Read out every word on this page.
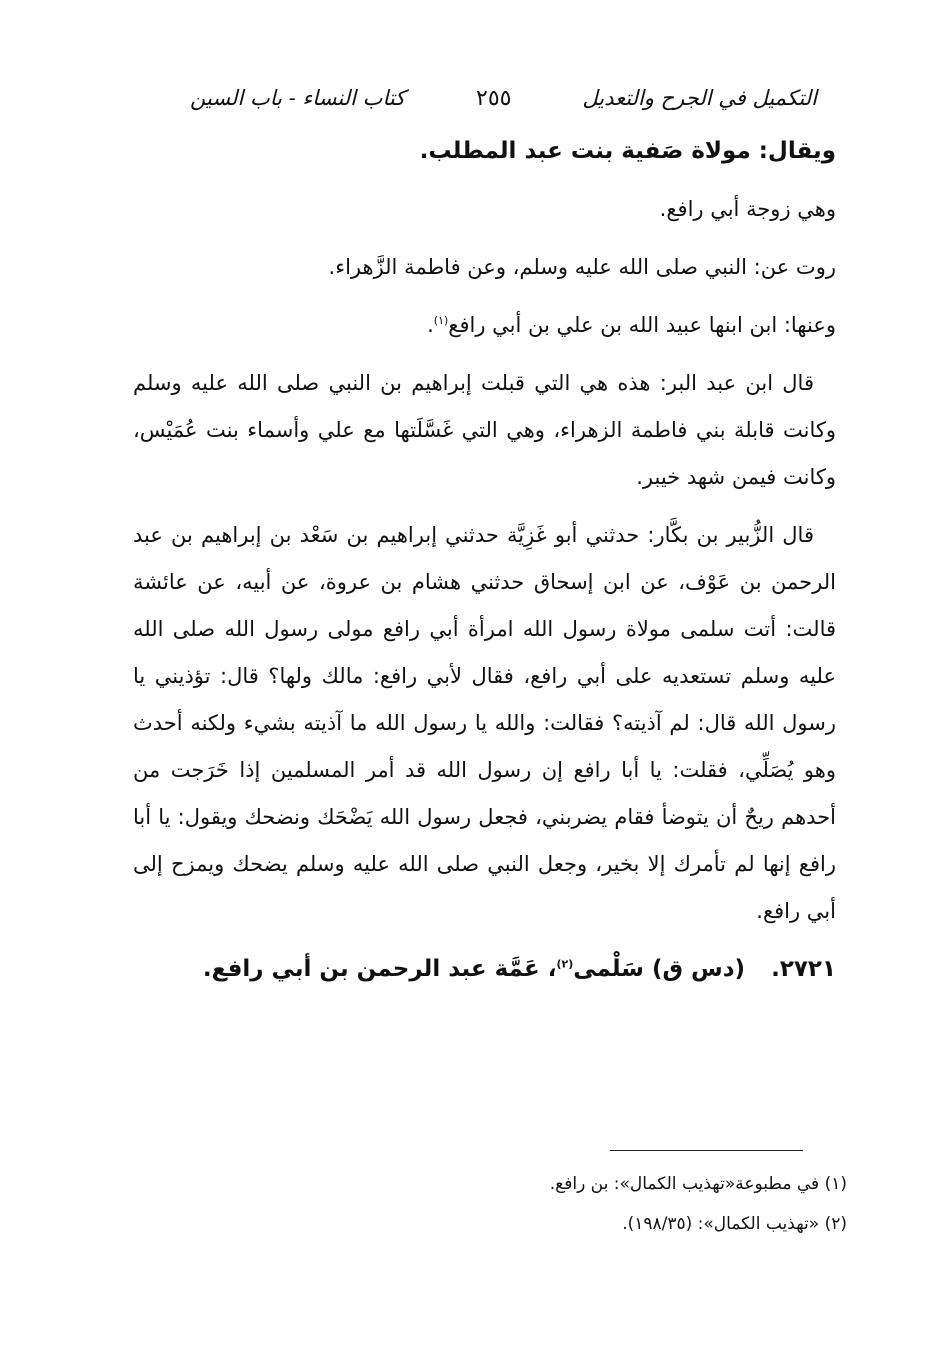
التكميل في الجرح والتعديل
٢٥٥
كتاب النساء - باب السين

ويقال: مولاة صَفية بنت عبد المطلب.

وهي زوجة أبي رافع.

روت عن: النبي صلى الله عليه وسلم، وعن فاطمة الزَّهراء.

وعنها: ابن ابنها عبيد الله بن علي بن أبي رافع$^{(١)}$.

قال ابن عبد البر: هذه هي التي قبلت إبراهيم بن النبي صلى الله عليه وسلم وكانت قابلة بني فاطمة الزهراء، وهي التي غَسَّلَتها مع علي وأسماء بنت عُمَيْس، وكانت فيمن شهد خيبر.

قال الزُّبير بن بكَّار: حدثني أبو غَزِيَّة حدثني إبراهيم بن سَعْد بن إبراهيم بن عبد الرحمن بن عَوْف، عن ابن إسحاق حدثني هشام بن عروة، عن أبيه، عن عائشة قالت: أتت سلمى مولاة رسول الله امرأة أبي رافع مولى رسول الله صلى الله عليه وسلم تستعديه على أبي رافع، فقال لأبي رافع: مالك ولها؟ قال: تؤذيني يا رسول الله قال: لم آذيته؟ فقالت: والله يا رسول الله ما آذيته بشيء ولكنه أحدث وهو يُصَلِّي، فقلت: يا أبا رافع إن رسول الله قد أمر المسلمين إذا خَرَجت من أحدهم ريحٌ أن يتوضأ فقام يضربني، فجعل رسول الله يَضْحَك ونضحك ويقول: يا أبا رافع إنها لم تأمرك إلا بخير، وجعل النبي صلى الله عليه وسلم يضحك ويمزح إلى أبي رافع.

٢٧٢١. (دس ق) سَلْمى$^{(٢)}$، عَمَّة عبد الرحمن بن أبي رافع.

(١) في مطبوعة«تهذيب الكمال»: بن رافع.

(٢) «تهذيب الكمال»: (١٩٨/٣٥).
